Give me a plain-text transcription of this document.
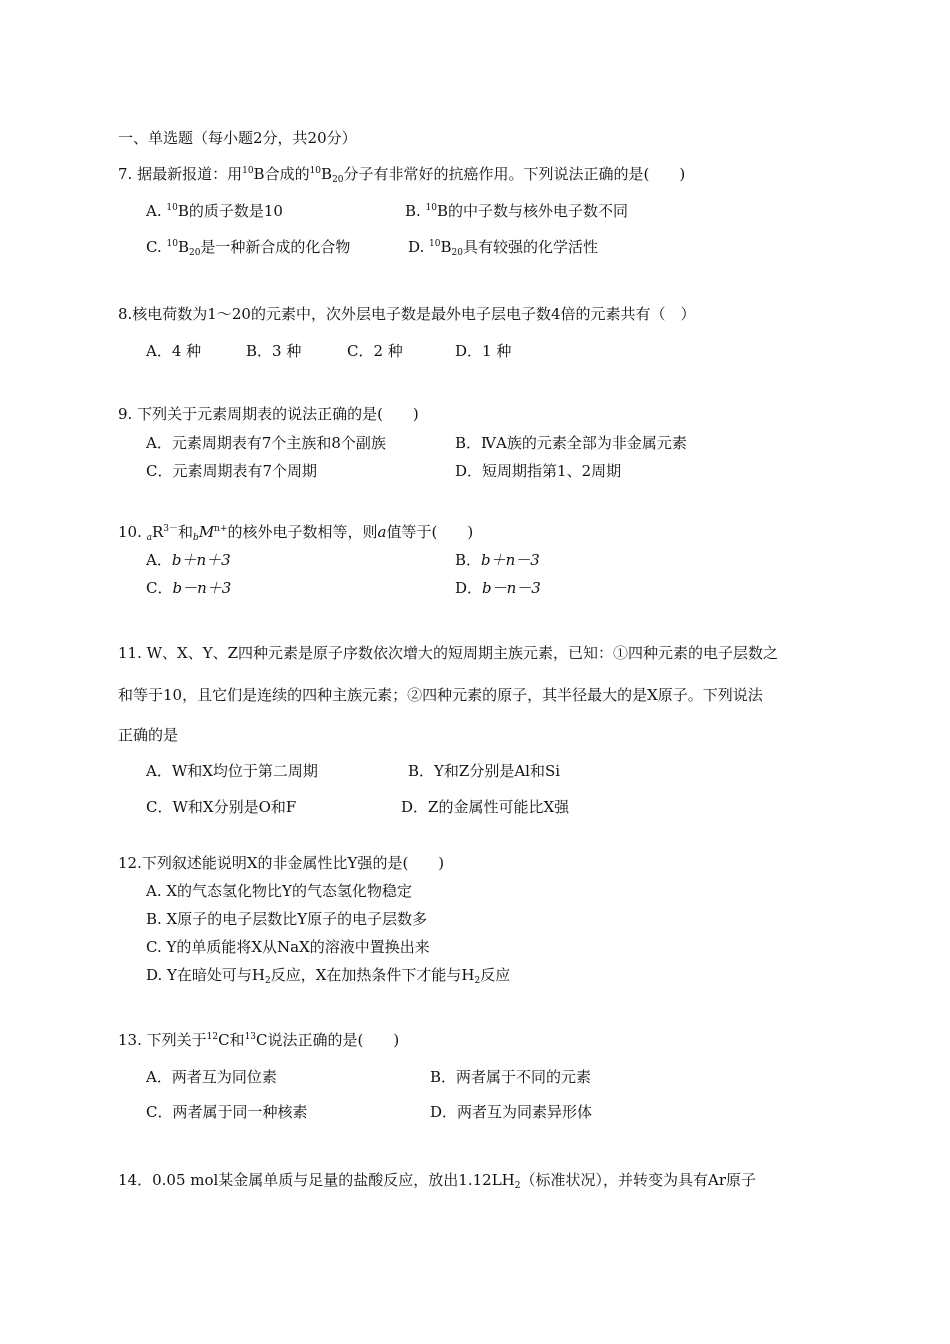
一、单选题（每小题2分，共20分）
7. 据最新报道：用$^{10}$B合成的$^{10}B_{20}$分子有非常好的抗癌作用。下列说法正确的是(　　)
A. $^{10}$B的质子数是10	B. $^{10}$B的中子数与核外电子数不同
C. $^{10}B_{20}$是一种新合成的化合物	D. $^{10}B_{20}$具有较强的化学活性
8.核电荷数为1～20的元素中，次外层电子数是最外电子层电子数4倍的元素共有（　）
A．4 种	B．3 种	C．2 种	D．1 种
9. 下列关于元素周期表的说法正确的是(　　)
A．元素周期表有7个主族和8个副族	B．ⅣA族的元素全部为非金属元素
C．元素周期表有7个周期	D．短周期指第1、2周期
10. $_aR^{3-}$和$_bM^{n+}$的核外电子数相等，则a值等于(　　)
A．b＋n＋3	B．b＋n－3
C．b－n＋3	D．b－n－3
11. W、X、Y、Z四种元素是原子序数依次增大的短周期主族元素，已知：①四种元素的电子层数之
和等于10，且它们是连续的四种主族元素；②四种元素的原子，其半径最大的是X原子。下列说法
正确的是
A．W和X均位于第二周期	B．Y和Z分别是Al和Si
C．W和X分别是O和F	D．Z的金属性可能比X强
12.下列叙述能说明X的非金属性比Y强的是(　　)
A. X的气态氢化物比Y的气态氢化物稳定
B. X原子的电子层数比Y原子的电子层数多
C. Y的单质能将X从NaX的溶液中置换出来
D. Y在暗处可与$H_2$反应，X在加热条件下才能与$H_2$反应
13. 下列关于$^{12}$C和$^{13}$C说法正确的是(　　)
A．两者互为同位素	B．两者属于不同的元素
C．两者属于同一种核素	D．两者互为同素异形体
14．0.05 mol某金属单质与足量的盐酸反应，放出$1.12LH_2$（标准状况），并转变为具有Ar原子
